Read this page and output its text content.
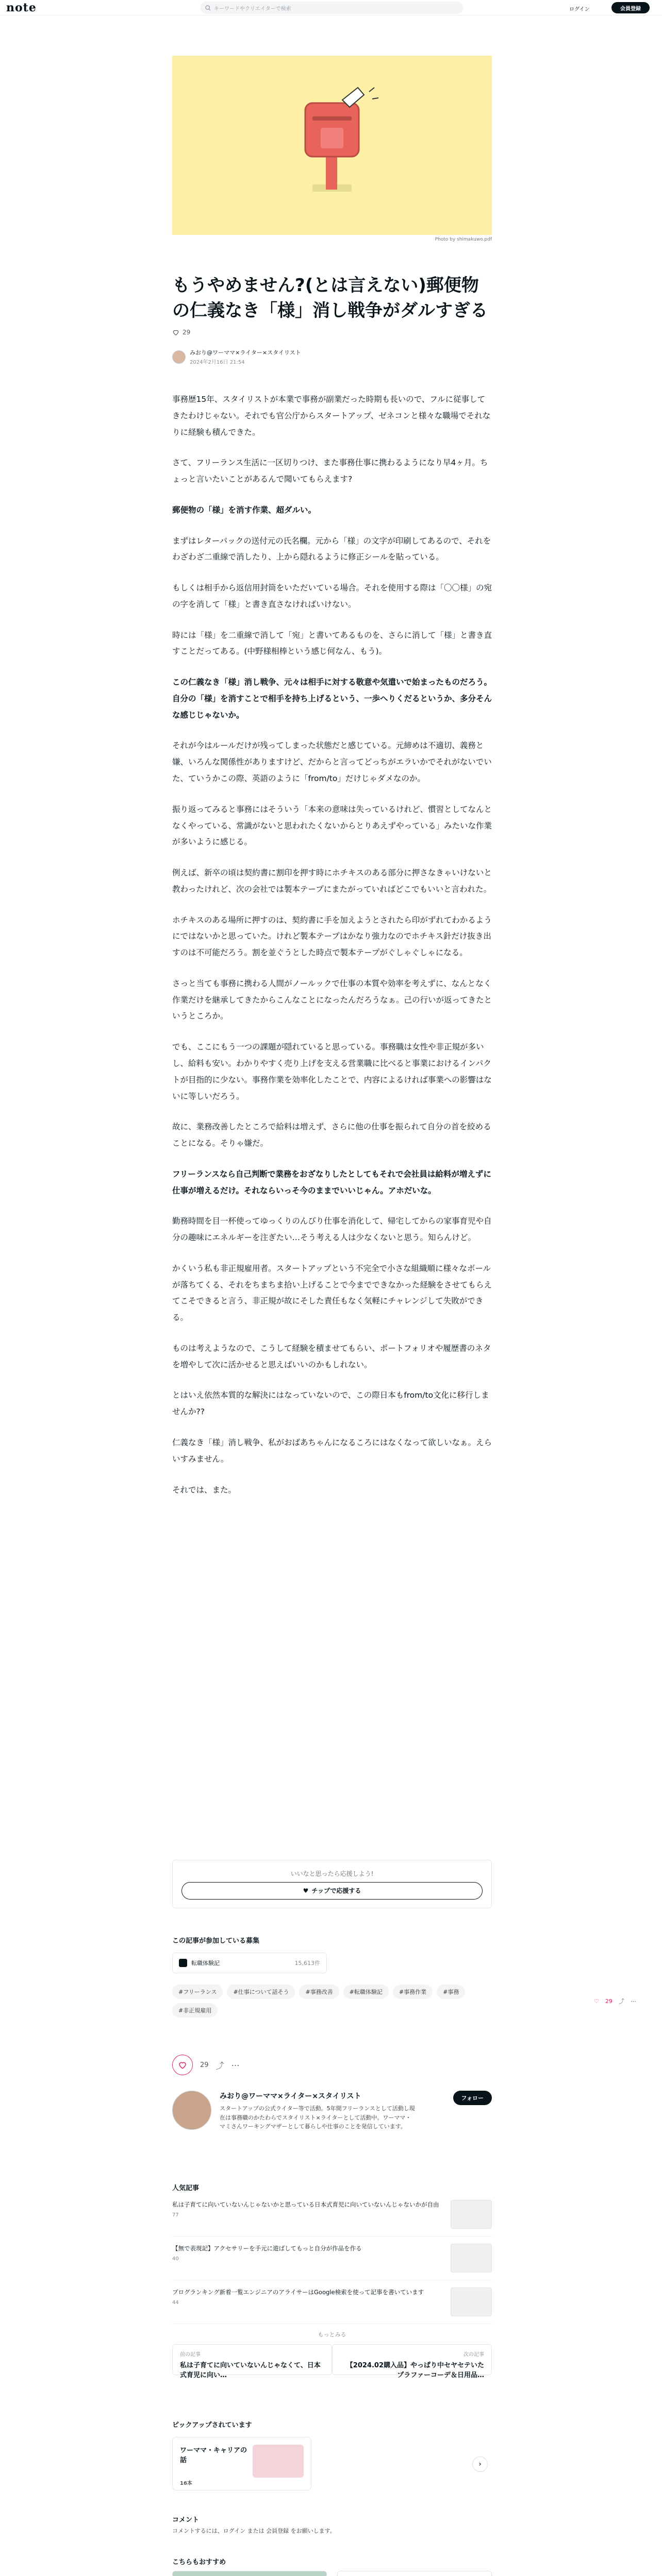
note	キーワードやクリエイターで検索	ログイン	会員登録
Photo by shimakuwo.pdf
もうやめません?(とは言えない)郵便物の仁義なき「様」消し戦争がダルすぎる
29
みおり@ワーママ×ライター×スタイリスト
2024年2月16日 21:54

事務歴15年、スタイリストが本業で事務が副業だった時期も長いので、フルに従事してきたわけじゃない。それでも官公庁からスタートアップ、ゼネコンと様々な職場でそれなりに経験も積んできた。

さて、フリーランス生活に一区切りつけ、また事務仕事に携わるようになり早4ヶ月。ちょっと言いたいことがあるんで聞いてもらえます?

郵便物の「様」を消す作業、超ダルい。

まずはレターパックの送付元の氏名欄。元から「様」の文字が印刷してあるので、それをわざわざ二重線で消したり、上から隠れるように修正シールを貼っている。

もしくは相手から返信用封筒をいただいている場合。それを使用する際は「〇〇様」の宛の字を消して「様」と書き直さなければいけない。

時には「様」を二重線で消して「宛」と書いてあるものを、さらに消して「様」と書き直すことだってある。(中野様相棒という感じ何なん、もう)。

この仁義なき「様」消し戦争、元々は相手に対する敬意や気遣いで始まったものだろう。自分の「様」を消すことで相手を持ち上げるという、一歩へりくだるというか、多分そんな感じじゃないか。

それが今はルールだけが残ってしまった状態だと感じている。元締めは不適切、義務と嫌、いろんな関係性がありますけど、だからと言ってどっちがエラいかでそれがないでいた、ていうかこの際、英語のように「from/to」だけじゃダメなのか。

振り返ってみると事務にはそういう「本来の意味は失っているけれど、慣習としてなんとなくやっている、常識がないと思われたくないからとりあえずやっている」みたいな作業が多いように感じる。

例えば、新卒の頃は契約書に割印を押す時にホチキスのある部分に押さなきゃいけないと教わったけれど、次の会社では製本テープにまたがっていればどこでもいいと言われた。

ホチキスのある場所に押すのは、契約書に手を加えようとされたら印がずれてわかるようにではないかと思っていた。けれど製本テープはかなり強力なのでホチキス針だけ抜き出すのは不可能だろう。割を並ぐうとした時点で製本テープがぐしゃぐしゃになる。

さっと当ても事務に携わる人間がノールックで仕事の本質や効率を考えずに、なんとなく作業だけを継承してきたからこんなことになったんだろうなぁ。己の行いが返ってきたというところか。

でも、ここにもう一つの課題が隠れていると思っている。事務職は女性や非正規が多いし、給料も安い。わかりやすく売り上げを支える営業職に比べると事業におけるインパクトが目指的に少ない。事務作業を効率化したことで、内容によるければ事業への影響はないに等しいだろう。

故に、業務改善したところで給料は増えず、さらに他の仕事を振られて自分の首を絞めることになる。そりゃ嫌だ。

フリーランスなら自己判断で業務をおざなりしたとしてもそれで会社員は給料が増えずに仕事が増えるだけ。それならいっそ今のままでいいじゃん。アホだいな。

勤務時間を目一杯使ってゆっくりのんびり仕事を消化して、帰宅してからの家事育児や自分の趣味にエネルギーを注ぎたい…そう考える人は少なくないと思う。知らんけど。

かくいう私も非正規雇用者。スタートアップという不完全で小さな組織順に様々なボールが落ちてくる、それをちまちま拾い上げることで今までできなかった経験をさせてもらえてこそできると言う、非正規が故にそした責任もなく気軽にチャレンジして失敗ができる。

ものは考えようなので、こうして経験を積ませてもらい、ポートフォリオや履歴書のネタを増やして次に活かせると思えばいいのかもしれない。

とはいえ依然本質的な解決にはなっていないので、この際日本もfrom/to文化に移行しませんか??

仁義なき「様」消し戦争、私がおばあちゃんになるころにはなくなって欲しいなぁ。えらいすみません。

それでは、また。

いいなと思ったら応援しよう!
♥ チップで応援する
この記事が参加している募集
転職体験記	15,613件
#フリーランス	#仕事について話そう	#事務改善	#転職体験記	#事務作業	#事務
#非正規雇用
29 ⤴ ⋯
みおり@ワーママ×ライター×スタイリスト
スタートアップの公式ライター等で活動。5年間フリーランスとして活動し現在は事務職のかたわらでスタイリスト×ライターとして活動中。ワーママ・マミさんワーキングマザーとして暮らしや仕事のことを発信しています。
フォロー
人気記事
私は子育てに向いていないんじゃないかと思っている日本式育児に向いていないんじゃないかが自由
77
【無で表現記】アクセサリーを手元に遊ばしてもっと自分が作品を作る
40
ブログランキング新着一覧エンジニアのアライサーはGoogle検索を使って記事を書いています
44
もっとみる
前の記事
私は子育てに向いていないんじゃなくて、日本式育児に向い…
次の記事
【2024.02購入品】やっぱり中セヤセテいたプラファーコーデ＆日用品…
ピックアップされています
ワーママ・キャリアの話
16本
›
コメント
コメントするには、ログイン または 会員登録 をお願いします。
こちらもおすすめ
♡ 29 ⤴ ⋯
